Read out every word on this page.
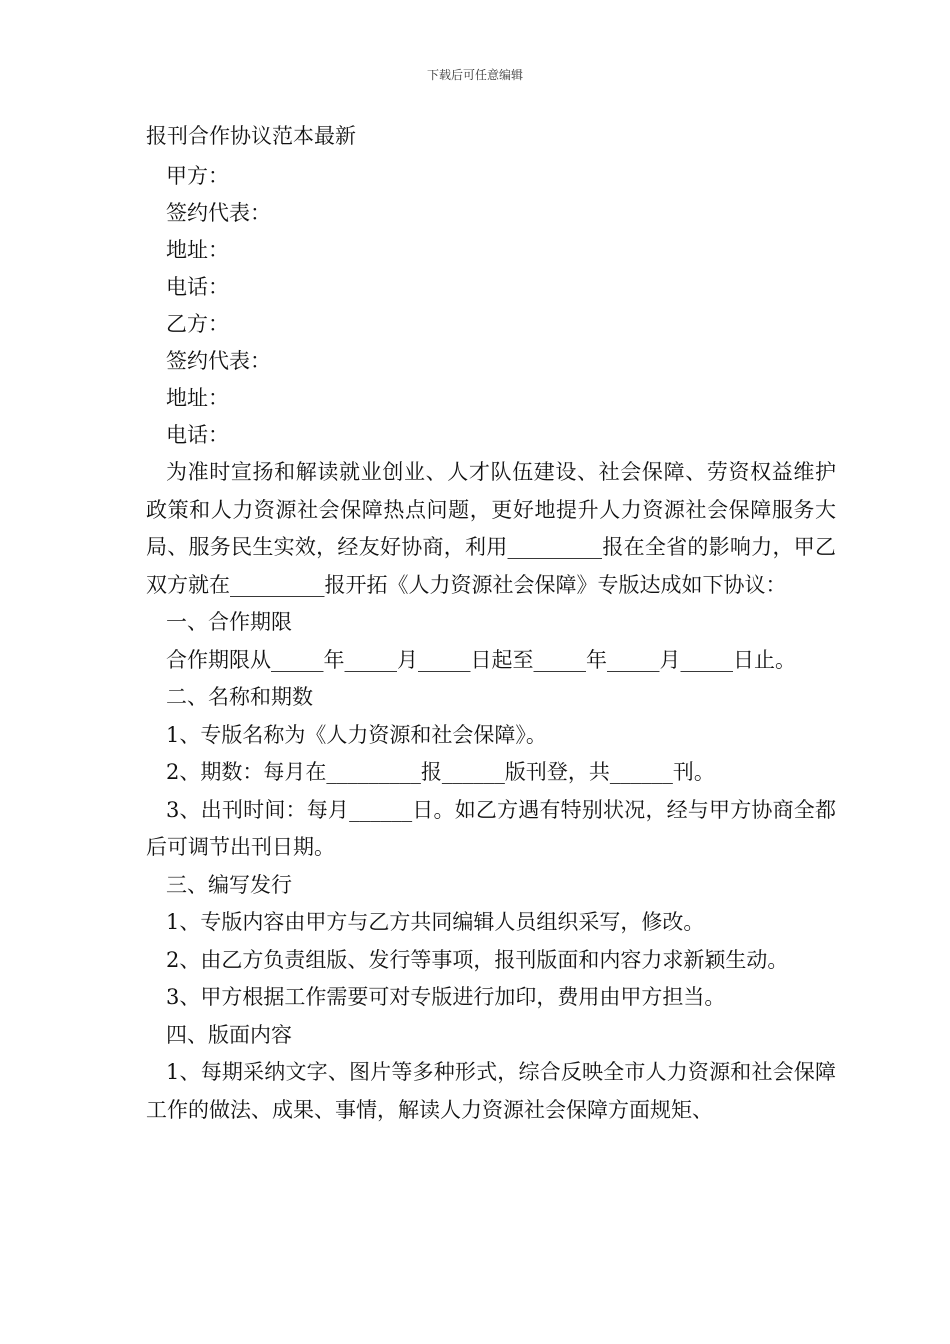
下载后可任意编辑
报刊合作协议范本最新
甲方：
签约代表：
地址：
电话：
乙方：
签约代表：
地址：
电话：
为准时宣扬和解读就业创业、人才队伍建设、社会保障、劳资权益维护政策和人力资源社会保障热点问题，更好地提升人力资源社会保障服务大局、服务民生实效，经友好协商，利用_________报在全省的影响力，甲乙双方就在_________报开拓《人力资源社会保障》专版达成如下协议：
一、合作期限
合作期限从_____年_____月_____日起至_____年_____月_____日止。
二、名称和期数
1、专版名称为《人力资源和社会保障》。
2、期数：每月在_________报______版刊登，共______刊。
3、出刊时间：每月______日。如乙方遇有特别状况，经与甲方协商全都后可调节出刊日期。
三、编写发行
1、专版内容由甲方与乙方共同编辑人员组织采写，修改。
2、由乙方负责组版、发行等事项，报刊版面和内容力求新颖生动。
3、甲方根据工作需要可对专版进行加印，费用由甲方担当。
四、版面内容
1、每期采纳文字、图片等多种形式，综合反映全市人力资源和社会保障工作的做法、成果、事情，解读人力资源社会保障方面规矩、
